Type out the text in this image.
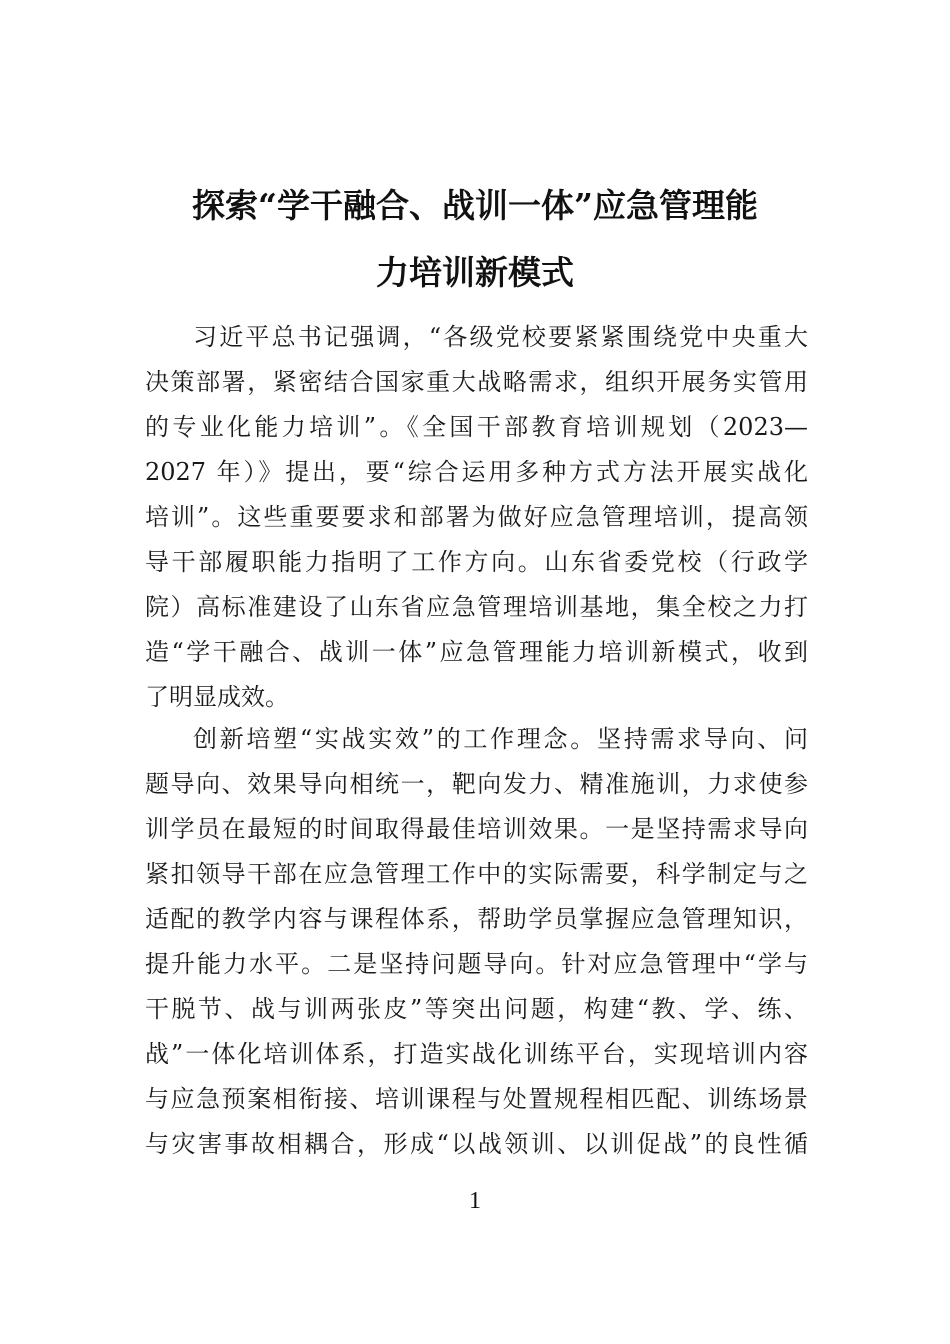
探索“学干融合、战训一体”应急管理能
力培训新模式
习近平总书记强调，“各级党校要紧紧围绕党中央重大
决策部署，紧密结合国家重大战略需求，组织开展务实管用
的专业化能力培训”。《全国干部教育培训规划（2023—
2027 年）》提出，要“综合运用多种方式方法开展实战化
培训”。这些重要要求和部署为做好应急管理培训，提高领
导干部履职能力指明了工作方向。山东省委党校（行政学
院）高标准建设了山东省应急管理培训基地，集全校之力打
造“学干融合、战训一体”应急管理能力培训新模式，收到
了明显成效。
创新培塑“实战实效”的工作理念。坚持需求导向、问
题导向、效果导向相统一，靶向发力、精准施训，力求使参
训学员在最短的时间取得最佳培训效果。一是坚持需求导向
紧扣领导干部在应急管理工作中的实际需要，科学制定与之
适配的教学内容与课程体系，帮助学员掌握应急管理知识，
提升能力水平。二是坚持问题导向。针对应急管理中“学与
干脱节、战与训两张皮”等突出问题，构建“教、学、练、
战”一体化培训体系，打造实战化训练平台，实现培训内容
与应急预案相衔接、培训课程与处置规程相匹配、训练场景
与灾害事故相耦合，形成“以战领训、以训促战”的良性循
1
